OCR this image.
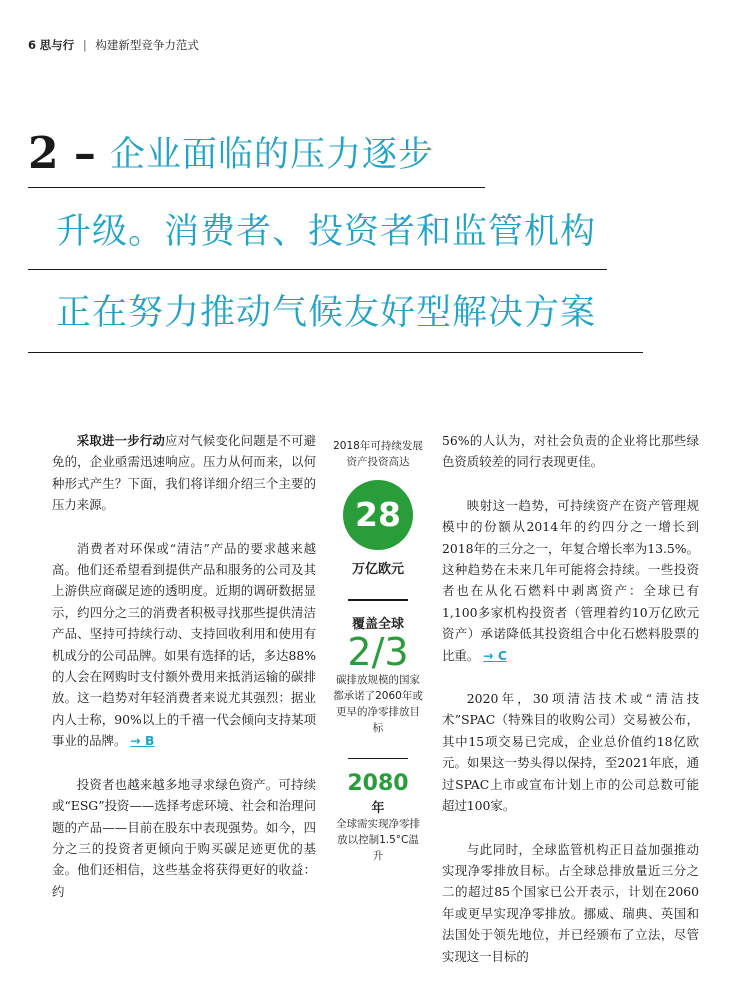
6 思与行 | 构建新型竞争力范式
2 – 企业面临的压力逐步
升级。消费者、投资者和监管机构
正在努力推动气候友好型解决方案

采取进一步行动应对气候变化问题是不可避免的，企业亟需迅速响应。压力从何而来，以何种形式产生？下面，我们将详细介绍三个主要的压力来源。

消费者对环保或“清洁”产品的要求越来越高。他们还希望看到提供产品和服务的公司及其上游供应商碳足迹的透明度。近期的调研数据显示，约四分之三的消费者积极寻找那些提供清洁产品、坚持可持续行动、支持回收利用和使用有机成分的公司品牌。如果有选择的话，多达88%的人会在网购时支付额外费用来抵消运输的碳排放。这一趋势对年轻消费者来说尤其强烈：据业内人士称，90%以上的千禧一代会倾向支持某项事业的品牌。 → B

投资者也越来越多地寻求绿色资产。可持续或“ESG”投资——选择考虑环境、社会和治理问题的产品——目前在股东中表现强势。如今，四分之三的投资者更倾向于购买碳足迹更优的基金。他们还相信，这些基金将获得更好的收益：约

2018年可持续发展资产投资高达
28
万亿欧元
覆盖全球
2/3
碳排放规模的国家都承诺了2060年或更早的净零排放目标
2080
年
全球需实现净零排放以控制1.5°C温升

56%的人认为，对社会负责的企业将比那些绿色资质较差的同行表现更佳。

映射这一趋势，可持续资产在资产管理规模中的份额从2014年的约四分之一增长到2018年的三分之一，年复合增长率为13.5%。这种趋势在未来几年可能将会持续。一些投资者也在从化石燃料中剥离资产：全球已有1,100多家机构投资者（管理着约10万亿欧元资产）承诺降低其投资组合中化石燃料股票的比重。 → C

2020年，30项清洁技术或“清洁技术”SPAC（特殊目的收购公司）交易被公布，其中15项交易已完成，企业总价值约18亿欧元。如果这一势头得以保持，至2021年底，通过SPAC上市或宣布计划上市的公司总数可能超过100家。

与此同时，全球监管机构正日益加强推动实现净零排放目标。占全球总排放量近三分之二的超过85个国家已公开表示，计划在2060年或更早实现净零排放。挪威、瑞典、英国和法国处于领先地位，并已经颁布了立法，尽管实现这一目标的
